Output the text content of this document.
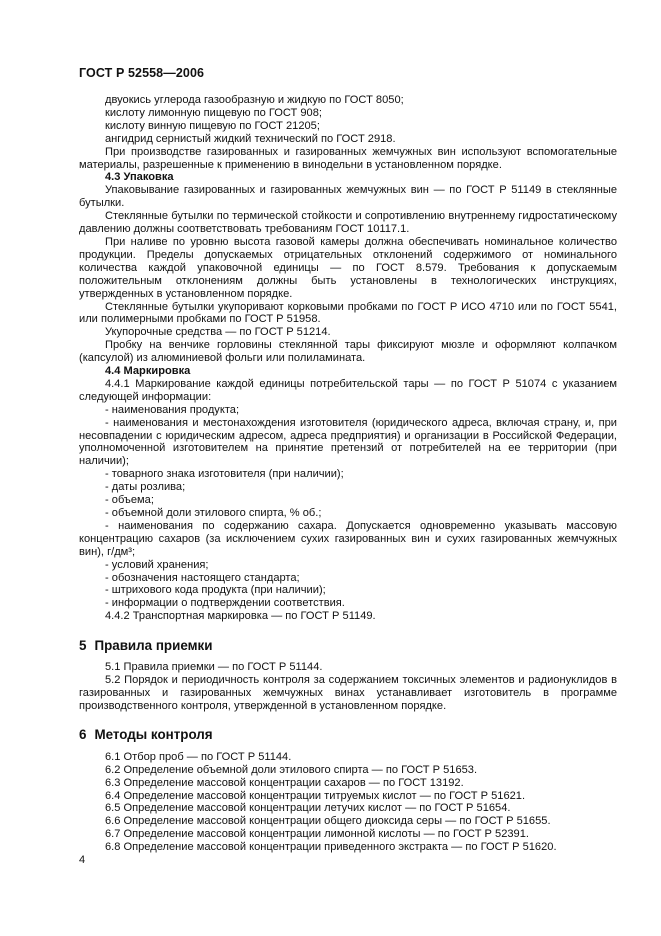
ГОСТ Р 52558—2006

двуокись углерода газообразную и жидкую по ГОСТ 8050;

кислоту лимонную пищевую по ГОСТ 908;

кислоту винную пищевую по ГОСТ 21205;

ангидрид сернистый жидкий технический по ГОСТ 2918.

При производстве газированных и газированных жемчужных вин используют вспомогательные материалы, разрешенные к применению в винодельни в установленном порядке.

4.3 Упаковка

Упаковывание газированных и газированных жемчужных вин — по ГОСТ Р 51149 в стеклянные бутылки.

Стеклянные бутылки по термической стойкости и сопротивлению внутреннему гидростатическому давлению должны соответствовать требованиям ГОСТ 10117.1.

При наливе по уровню высота газовой камеры должна обеспечивать номинальное количество продукции. Пределы допускаемых отрицательных отклонений содержимого от номинального количества каждой упаковочной единицы — по ГОСТ 8.579. Требования к допускаемым положительным отклонениям должны быть установлены в технологических инструкциях, утвержденных в установленном порядке.

Стеклянные бутылки укупоривают корковыми пробками по ГОСТ Р ИСО 4710 или по ГОСТ 5541, или полимерными пробками по ГОСТ Р 51958.

Укупорочные средства — по ГОСТ Р 51214.

Пробку на венчике горловины стеклянной тары фиксируют мюзле и оформляют колпачком (капсулой) из алюминиевой фольги или полиламината.

4.4 Маркировка

4.4.1 Маркирование каждой единицы потребительской тары — по ГОСТ Р 51074 с указанием следующей информации:

- наименования продукта;

- наименования и местонахождения изготовителя (юридического адреса, включая страну, и, при несовпадении с юридическим адресом, адреса предприятия) и организации в Российской Федерации, уполномоченной изготовителем на принятие претензий от потребителей на ее территории (при наличии);

- товарного знака изготовителя (при наличии);

- даты розлива;

- объема;

- объемной доли этилового спирта, % об.;

- наименования по содержанию сахара. Допускается одновременно указывать массовую концентрацию сахаров (за исключением сухих газированных вин и сухих газированных жемчужных вин), г/дм³;

- условий хранения;

- обозначения настоящего стандарта;

- штрихового кода продукта (при наличии);

- информации о подтверждении соответствия.

4.4.2 Транспортная маркировка — по ГОСТ Р 51149.

5 Правила приемки

5.1 Правила приемки — по ГОСТ Р 51144.

5.2 Порядок и периодичность контроля за содержанием токсичных элементов и радионуклидов в газированных и газированных жемчужных винах устанавливает изготовитель в программе производственного контроля, утвержденной в установленном порядке.

6 Методы контроля

6.1 Отбор проб — по ГОСТ Р 51144.

6.2 Определение объемной доли этилового спирта — по ГОСТ Р 51653.

6.3 Определение массовой концентрации сахаров — по ГОСТ 13192.

6.4 Определение массовой концентрации титруемых кислот — по ГОСТ Р 51621.

6.5 Определение массовой концентрации летучих кислот — по ГОСТ Р 51654.

6.6 Определение массовой концентрации общего диоксида серы — по ГОСТ Р 51655.

6.7 Определение массовой концентрации лимонной кислоты — по ГОСТ Р 52391.

6.8 Определение массовой концентрации приведенного экстракта — по ГОСТ Р 51620.

4
